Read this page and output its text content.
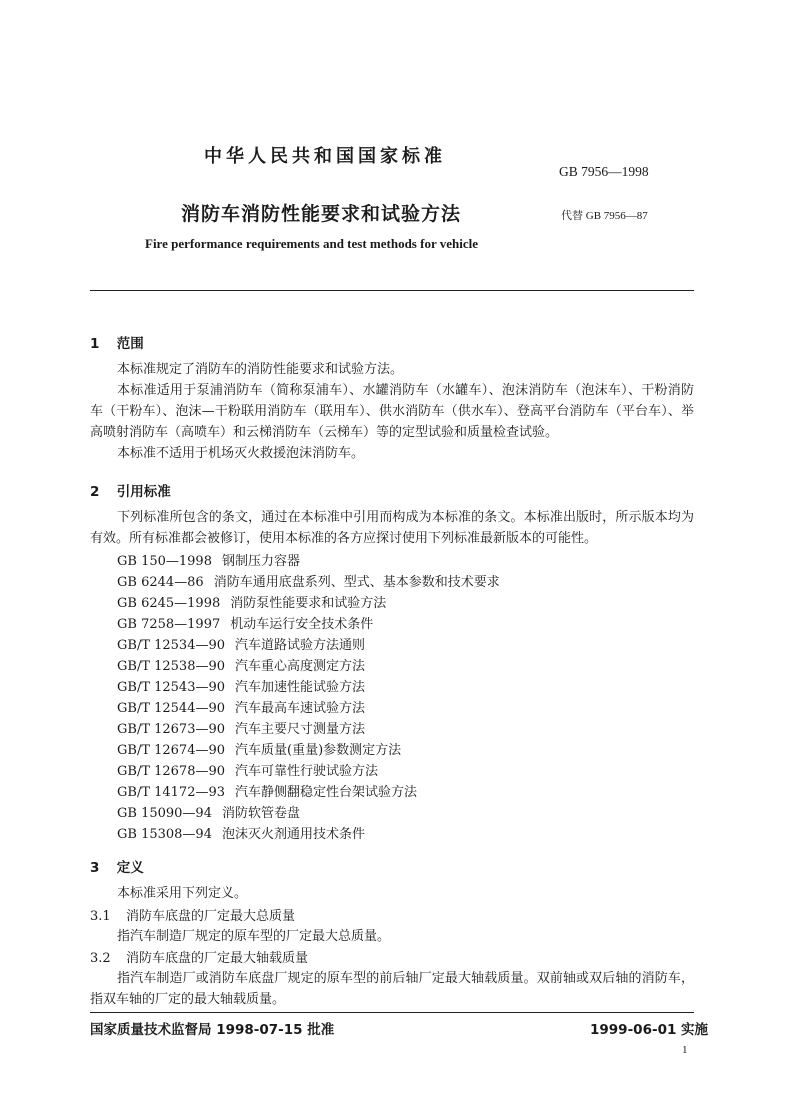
中华人民共和国国家标准
GB 7956—1998
消防车消防性能要求和试验方法	代替 GB 7956—87
Fire performance requirements and test methods for vehicle
1 范围
本标准规定了消防车的消防性能要求和试验方法。
本标准适用于泵浦消防车（简称泵浦车）、水罐消防车（水罐车）、泡沫消防车（泡沫车）、干粉消防车（干粉车）、泡沫—干粉联用消防车（联用车）、供水消防车（供水车）、登高平台消防车（平台车）、举高喷射消防车（高喷车）和云梯消防车（云梯车）等的定型试验和质量检查试验。
本标准不适用于机场灭火救援泡沫消防车。
2 引用标准
下列标准所包含的条文，通过在本标准中引用而构成为本标准的条文。本标准出版时，所示版本均为有效。所有标准都会被修订，使用本标准的各方应探讨使用下列标准最新版本的可能性。
GB 150—1998 钢制压力容器
GB 6244—86 消防车通用底盘系列、型式、基本参数和技术要求
GB 6245—1998 消防泵性能要求和试验方法
GB 7258—1997 机动车运行安全技术条件
GB/T 12534—90 汽车道路试验方法通则
GB/T 12538—90 汽车重心高度测定方法
GB/T 12543—90 汽车加速性能试验方法
GB/T 12544—90 汽车最高车速试验方法
GB/T 12673—90 汽车主要尺寸测量方法
GB/T 12674—90 汽车质量(重量)参数测定方法
GB/T 12678—90 汽车可靠性行驶试验方法
GB/T 14172—93 汽车静侧翻稳定性台架试验方法
GB 15090—94 消防软管卷盘
GB 15308—94 泡沫灭火剂通用技术条件
3 定义
本标准采用下列定义。
3.1 消防车底盘的厂定最大总质量
指汽车制造厂规定的原车型的厂定最大总质量。
3.2 消防车底盘的厂定最大轴载质量
指汽车制造厂或消防车底盘厂规定的原车型的前后轴厂定最大轴载质量。双前轴或双后轴的消防车，指双车轴的厂定的最大轴载质量。
国家质量技术监督局 1998-07-15 批准	1999-06-01 实施
1
